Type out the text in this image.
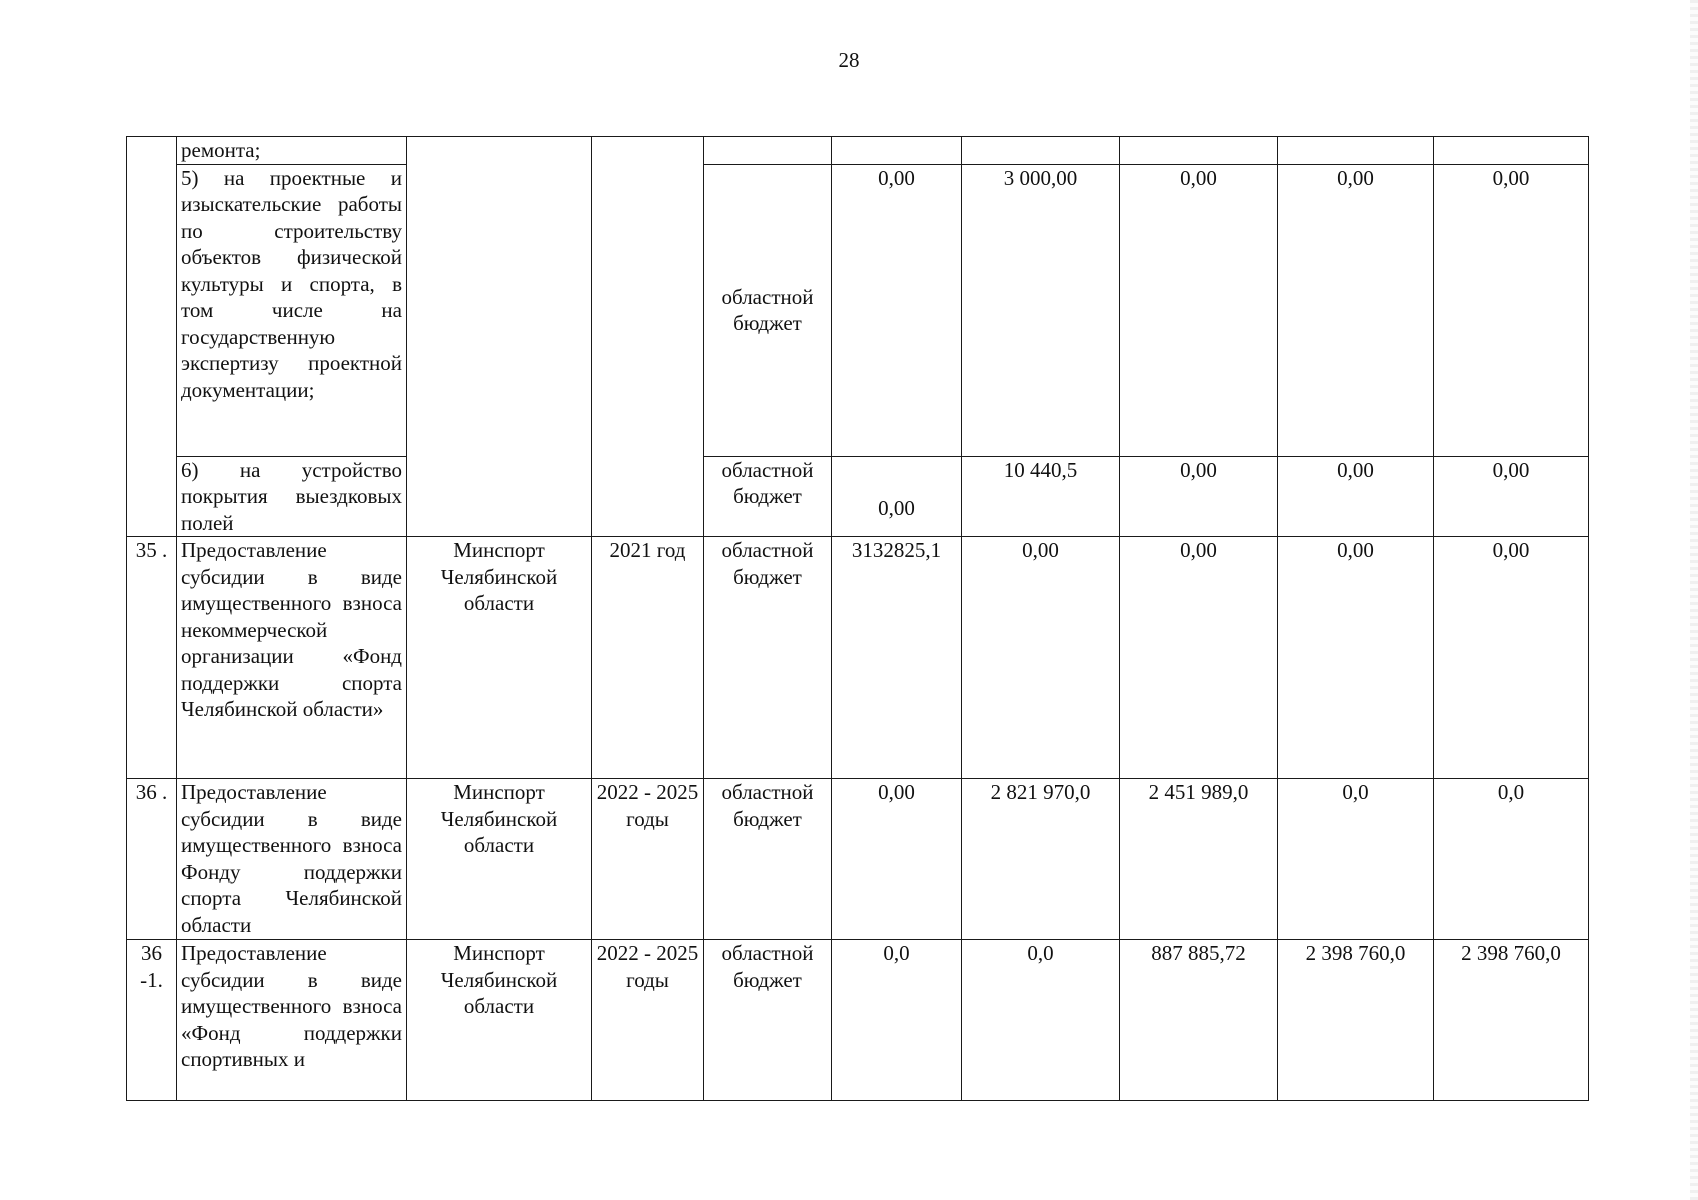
28
	ремонта;								
	5) на проектные и изыскательские работы по строительству объектов физической культуры и спорта, в том числе на государственную экспертизу проектной документации;			областной бюджет	0,00	3 000,00	0,00	0,00	0,00
	6) на устройство покрытия выездковых полей			областной бюджет	0,00	10 440,5	0,00	0,00	0,00
35 .	Предоставление субсидии в виде имущественного взноса некоммерческой организации «Фонд поддержки спорта Челябинской области»	Минспорт Челябинской области	2021 год	областной бюджет	3132825,1	0,00	0,00	0,00	0,00
36 .	Предоставление субсидии в виде имущественного взноса Фонду поддержки спорта Челябинской области	Минспорт Челябинской области	2022 - 2025 годы	областной бюджет	0,00	2 821 970,0	2 451 989,0	0,0	0,0
36 -1.	Предоставление субсидии в виде имущественного взноса «Фонд поддержки спортивных и	Минспорт Челябинской области	2022 - 2025 годы	областной бюджет	0,0	0,0	887 885,72	2 398 760,0	2 398 760,0
